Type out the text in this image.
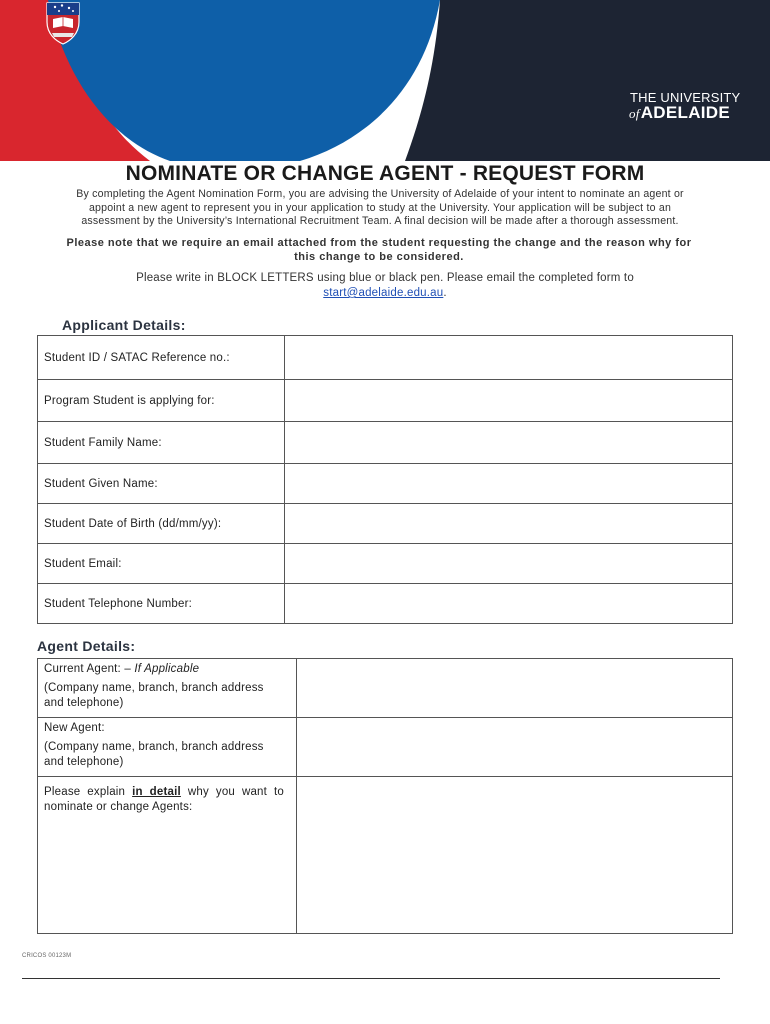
THE UNIVERSITY
ofADELAIDE
NOMINATE OR CHANGE AGENT - REQUEST FORM
By completing the Agent Nomination Form, you are advising the University of Adelaide of your intent to nominate an agent or
appoint a new agent to represent you in your application to study at the University. Your application will be subject to an
assessment by the University’s International Recruitment Team. A final decision will be made after a thorough assessment.
Please note that we require an email attached from the student requesting the change and the reason why for
this change to be considered.
Please write in BLOCK LETTERS using blue or black pen. Please email the completed form to
start@adelaide.edu.au.
Applicant Details:
Student ID / SATAC Reference no.:	
Program Student is applying for:	
Student Family Name:	
Student Given Name:	
Student Date of Birth (dd/mm/yy):	
Student Email:	
Student Telephone Number:	
Agent Details:
Current Agent: – If Applicable
(Company name, branch, branch address and telephone)	

New Agent:
(Company name, branch, branch address and telephone)	

Please explain in detail why you want to nominate or change Agents:	

CRICOS 00123M
